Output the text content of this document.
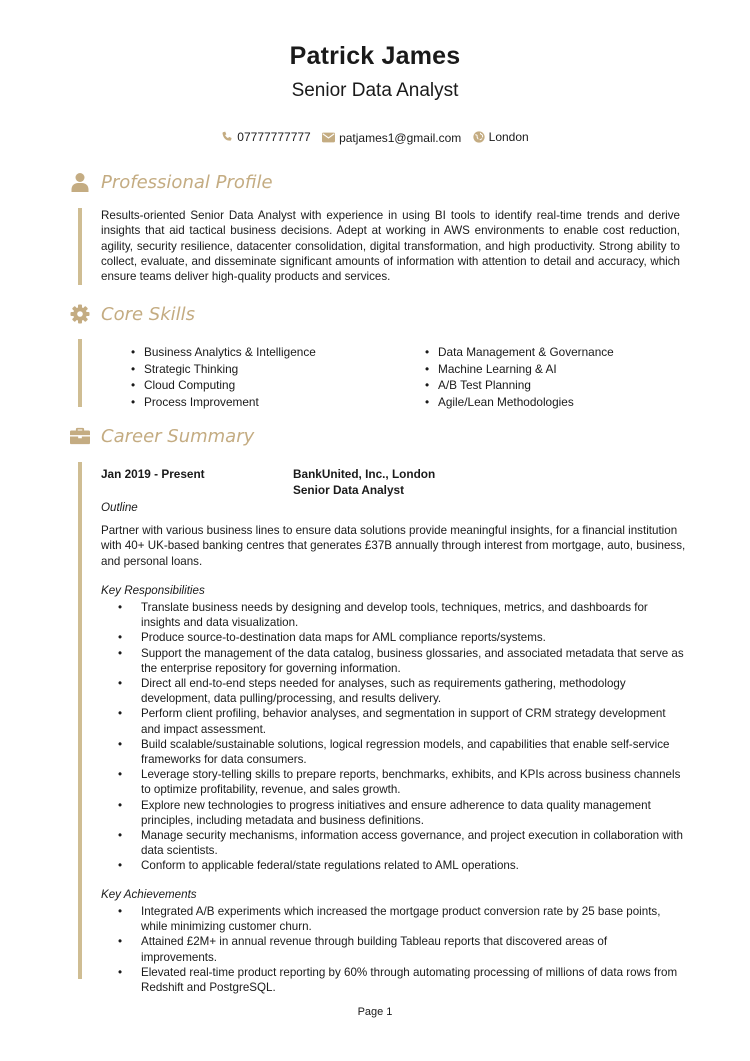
Patrick James
Senior Data Analyst
07777777777
patjames1@gmail.com
London
Professional Profile
Results-oriented Senior Data Analyst with experience in using BI tools to identify real-time trends and derive insights that aid tactical business decisions. Adept at working in AWS environments to enable cost reduction, agility, security resilience, datacenter consolidation, digital transformation, and high productivity. Strong ability to collect, evaluate, and disseminate significant amounts of information with attention to detail and accuracy, which ensure teams deliver high-quality products and services.
Core Skills
• Business Analytics & Intelligence
• Strategic Thinking
• Cloud Computing
• Process Improvement
• Data Management & Governance
• Machine Learning & AI
• A/B Test Planning
• Agile/Lean Methodologies
Career Summary
Jan 2019 - Present	BankUnited, Inc., London
Senior Data Analyst
Outline
Partner with various business lines to ensure data solutions provide meaningful insights, for a financial institution with 40+ UK-based banking centres that generates £37B annually through interest from mortgage, auto, business, and personal loans.
Key Responsibilities
• Translate business needs by designing and develop tools, techniques, metrics, and dashboards for insights and data visualization.
• Produce source-to-destination data maps for AML compliance reports/systems.
• Support the management of the data catalog, business glossaries, and associated metadata that serve as the enterprise repository for governing information.
• Direct all end-to-end steps needed for analyses, such as requirements gathering, methodology development, data pulling/processing, and results delivery.
• Perform client profiling, behavior analyses, and segmentation in support of CRM strategy development and impact assessment.
• Build scalable/sustainable solutions, logical regression models, and capabilities that enable self-service frameworks for data consumers.
• Leverage story-telling skills to prepare reports, benchmarks, exhibits, and KPIs across business channels to optimize profitability, revenue, and sales growth.
• Explore new technologies to progress initiatives and ensure adherence to data quality management principles, including metadata and business definitions.
• Manage security mechanisms, information access governance, and project execution in collaboration with data scientists.
• Conform to applicable federal/state regulations related to AML operations.
Key Achievements
• Integrated A/B experiments which increased the mortgage product conversion rate by 25 base points, while minimizing customer churn.
• Attained £2M+ in annual revenue through building Tableau reports that discovered areas of improvements.
• Elevated real-time product reporting by 60% through automating processing of millions of data rows from Redshift and PostgreSQL.
Page 1
